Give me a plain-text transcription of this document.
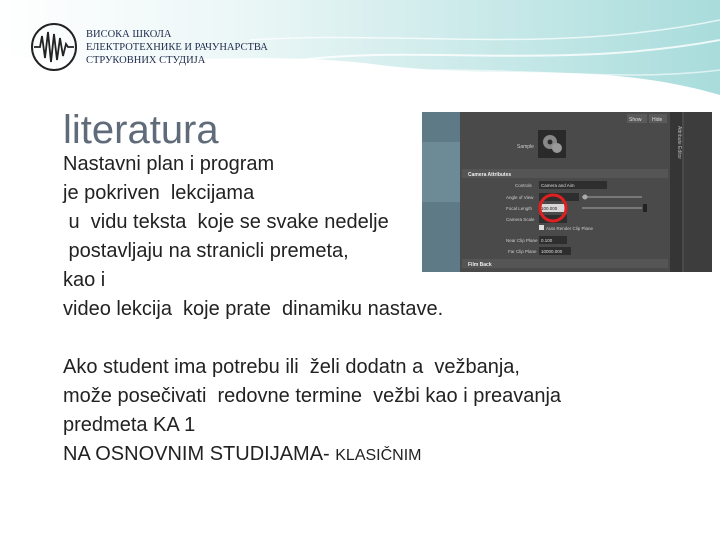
ВИСОКА ШКОЛА
ЕЛЕКТРОТЕХНИКЕ И РАЧУНАРСТВА
СТРУКОВНИХ СТУДИЈА
literatura
Nastavni plan i program
je pokriven  lekcijama
u  vidu teksta  koje se svake nedelje
postavljaju na stranicli premeta,
kao i
video lekcija  koje prate  dinamiku nastave.
Ako student ima potrebu ili  želi dodatn a  vežbanja,
može posečivati  redovne termine  vežbi kao i preavanja
predmeta KA 1
NA OSNOVNIM STUDIJAMA- KLASIČNIM
Show Hide
Attribute Editor
Sample
Camera Attributes
Controls Camera and Aim
Angle of View
Focal Length 100.000
Camera Scale
Auto Render Clip Plane
Near Clip Plane 0.100
Far Clip Plane 10000.000
Film Back
